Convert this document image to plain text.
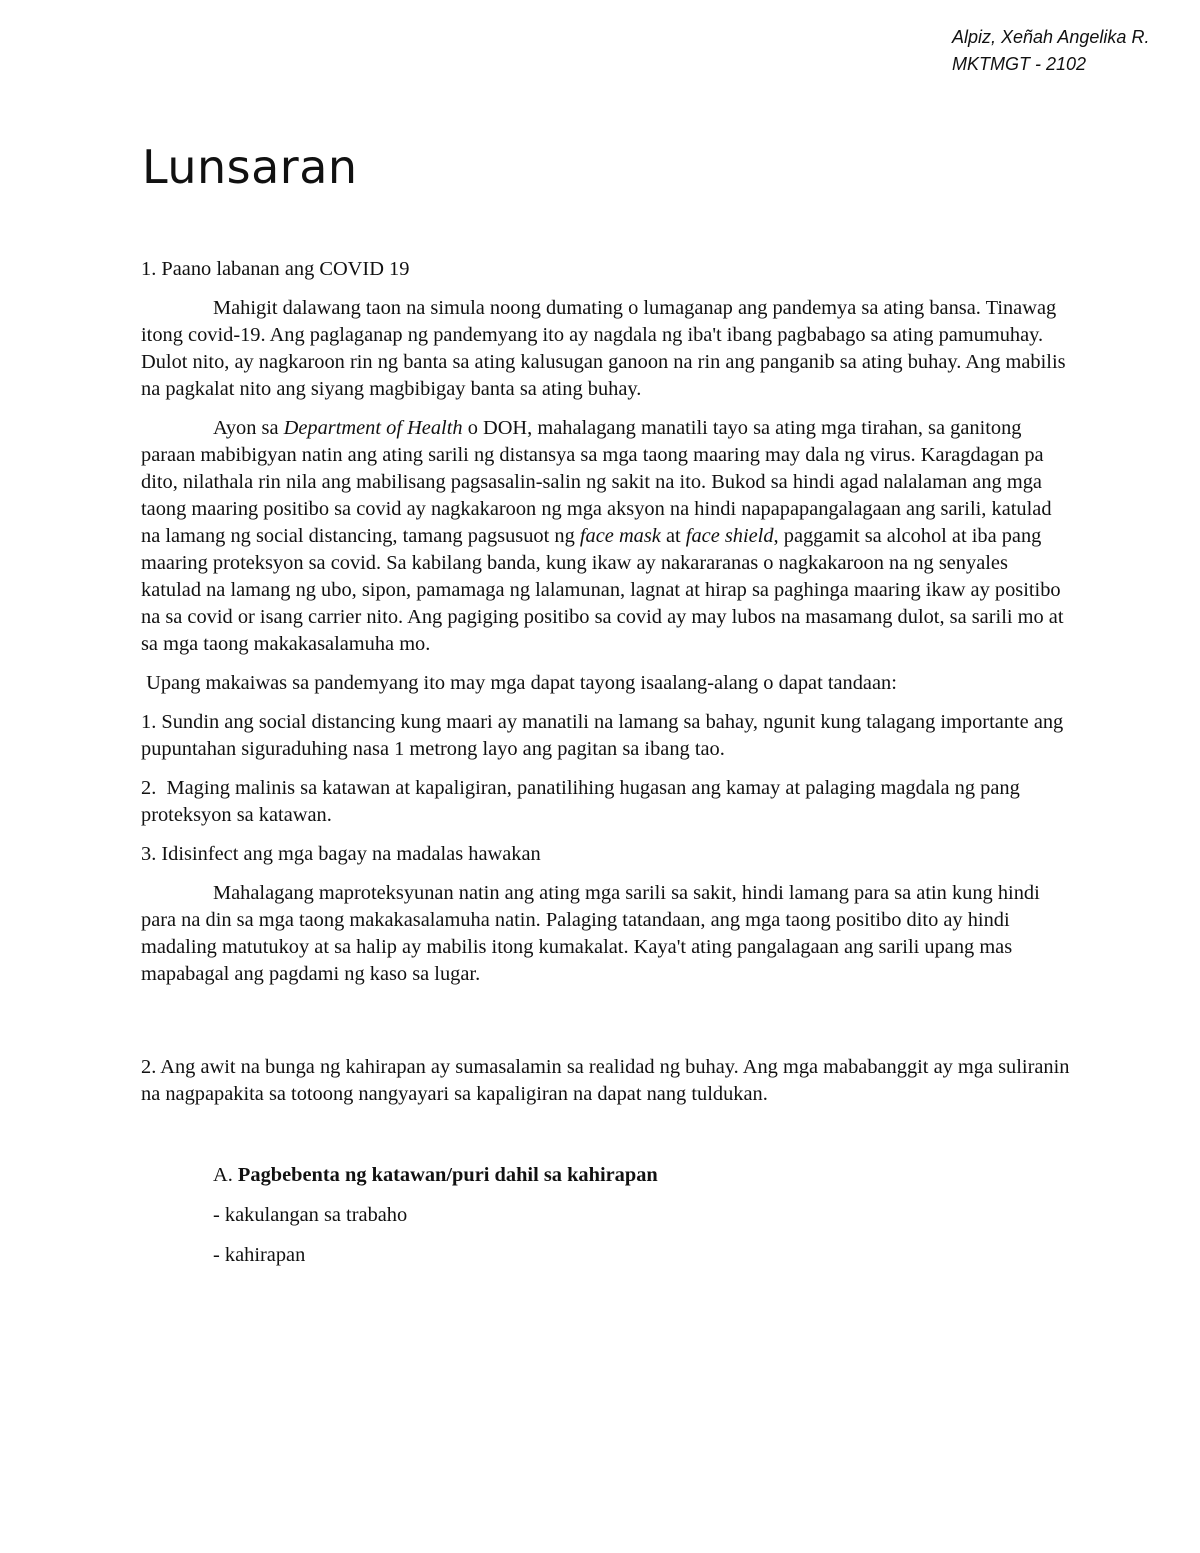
Alpiz, Xeñah Angelika R.
MKTMGT - 2102
Lunsaran

1. Paano labanan ang COVID 19

Mahigit dalawang taon na simula noong dumating o lumaganap ang pandemya sa ating bansa. Tinawag itong covid-19. Ang paglaganap ng pandemyang ito ay nagdala ng iba't ibang pagbabago sa ating pamumuhay. Dulot nito, ay nagkaroon rin ng banta sa ating kalusugan ganoon na rin ang panganib sa ating buhay. Ang mabilis na pagkalat nito ang siyang magbibigay banta sa ating buhay.

Ayon sa Department of Health o DOH, mahalagang manatili tayo sa ating mga tirahan, sa ganitong paraan mabibigyan natin ang ating sarili ng distansya sa mga taong maaring may dala ng virus. Karagdagan pa dito, nilathala rin nila ang mabilisang pagsasalin-salin ng sakit na ito. Bukod sa hindi agad nalalaman ang mga taong maaring positibo sa covid ay nagkakaroon ng mga aksyon na hindi napapapangalagaan ang sarili, katulad na lamang ng social distancing, tamang pagsusuot ng face mask at face shield, paggamit sa alcohol at iba pang maaring proteksyon sa covid. Sa kabilang banda, kung ikaw ay nakararanas o nagkakaroon na ng senyales katulad na lamang ng ubo, sipon, pamamaga ng lalamunan, lagnat at hirap sa paghinga maaring ikaw ay positibo na sa covid or isang carrier nito. Ang pagiging positibo sa covid ay may lubos na masamang dulot, sa sarili mo at sa mga taong makakasalamuha mo.

Upang makaiwas sa pandemyang ito may mga dapat tayong isaalang-alang o dapat tandaan:

1. Sundin ang social distancing kung maari ay manatili na lamang sa bahay, ngunit kung talagang importante ang pupuntahan siguraduhing nasa 1 metrong layo ang pagitan sa ibang tao.

2.  Maging malinis sa katawan at kapaligiran, panatilihing hugasan ang kamay at palaging magdala ng pang proteksyon sa katawan.

3. Idisinfect ang mga bagay na madalas hawakan

Mahalagang maproteksyunan natin ang ating mga sarili sa sakit, hindi lamang para sa atin kung hindi para na din sa mga taong makakasalamuha natin. Palaging tatandaan, ang mga taong positibo dito ay hindi madaling matutukoy at sa halip ay mabilis itong kumakalat. Kaya't ating pangalagaan ang sarili upang mas mapabagal ang pagdami ng kaso sa lugar.

2. Ang awit na bunga ng kahirapan ay sumasalamin sa realidad ng buhay. Ang mga mababanggit ay mga suliranin na nagpapakita sa totoong nangyayari sa kapaligiran na dapat nang tuldukan.

A. Pagbebenta ng katawan/puri dahil sa kahirapan

- kakulangan sa trabaho

- kahirapan
